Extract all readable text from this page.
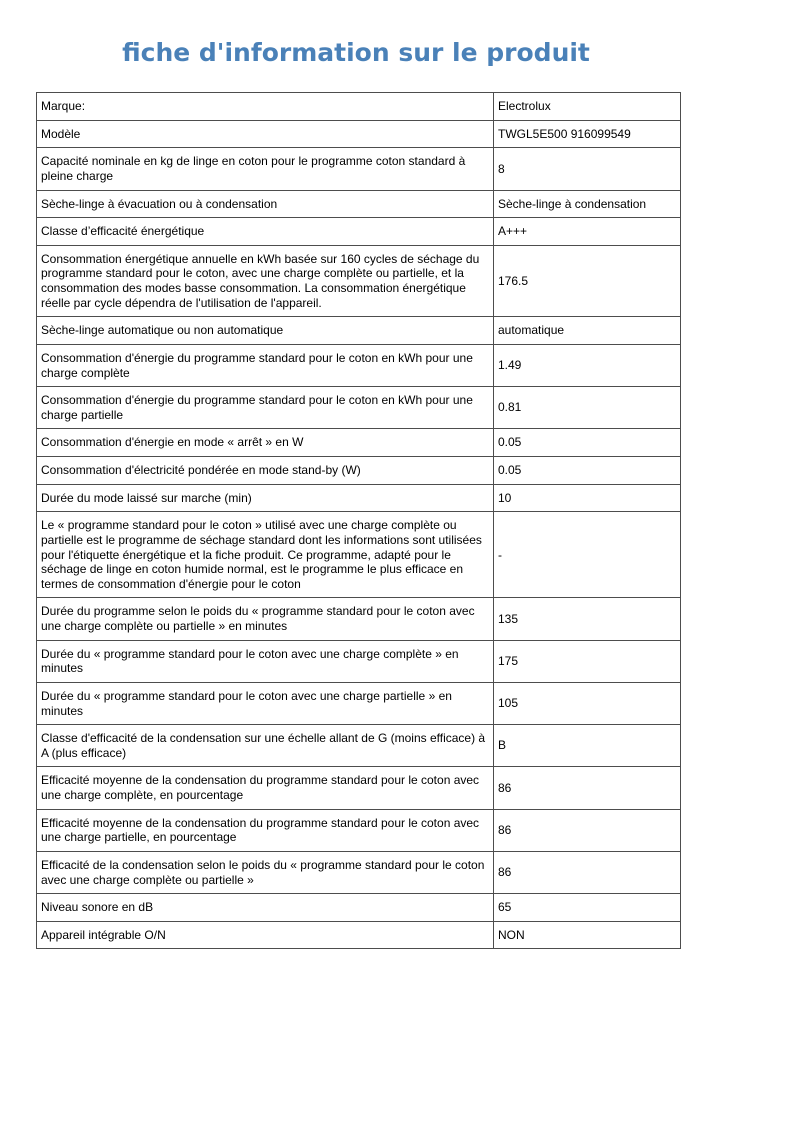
fiche d'information sur le produit
Marque:	Electrolux
Modèle	TWGL5E500 916099549
Capacité nominale en kg de linge en coton pour le programme coton standard à pleine charge	8
Sèche-linge à évacuation ou à condensation	Sèche-linge à condensation
Classe d’efficacité énergétique	A+++
Consommation énergétique annuelle en kWh basée sur 160 cycles de séchage du programme standard pour le coton, avec une charge complète ou partielle, et la consommation des modes basse consommation. La consommation énergétique réelle par cycle dépendra de l'utilisation de l'appareil.	176.5
Sèche-linge automatique ou non automatique	automatique
Consommation d'énergie du programme standard pour le coton en kWh pour une charge complète	1.49
Consommation d'énergie du programme standard pour le coton en kWh pour une charge partielle	0.81
Consommation d'énergie en mode « arrêt » en W	0.05
Consommation d'électricité pondérée en mode stand-by (W)	0.05
Durée du mode laissé sur marche (min)	10
Le « programme standard pour le coton » utilisé avec une charge complète ou partielle est le programme de séchage standard dont les informations sont utilisées pour l'étiquette énergétique et la fiche produit. Ce programme, adapté pour le séchage de linge en coton humide normal, est le programme le plus efficace en termes de consommation d'énergie pour le coton	-
Durée du programme selon le poids du « programme standard pour le coton avec une charge complète ou partielle » en minutes	135
Durée du « programme standard pour le coton avec une charge complète » en minutes	175
Durée du « programme standard pour le coton avec une charge partielle » en minutes	105
Classe d'efficacité de la condensation sur une échelle allant de G (moins efficace) à A (plus efficace)	B
Efficacité moyenne de la condensation du programme standard pour le coton avec une charge complète, en pourcentage	86
Efficacité moyenne de la condensation du programme standard pour le coton avec une charge partielle, en pourcentage	86
Efficacité de la condensation selon le poids du « programme standard pour le coton avec une charge complète ou partielle »	86
Niveau sonore en dB	65
Appareil intégrable O/N	NON
